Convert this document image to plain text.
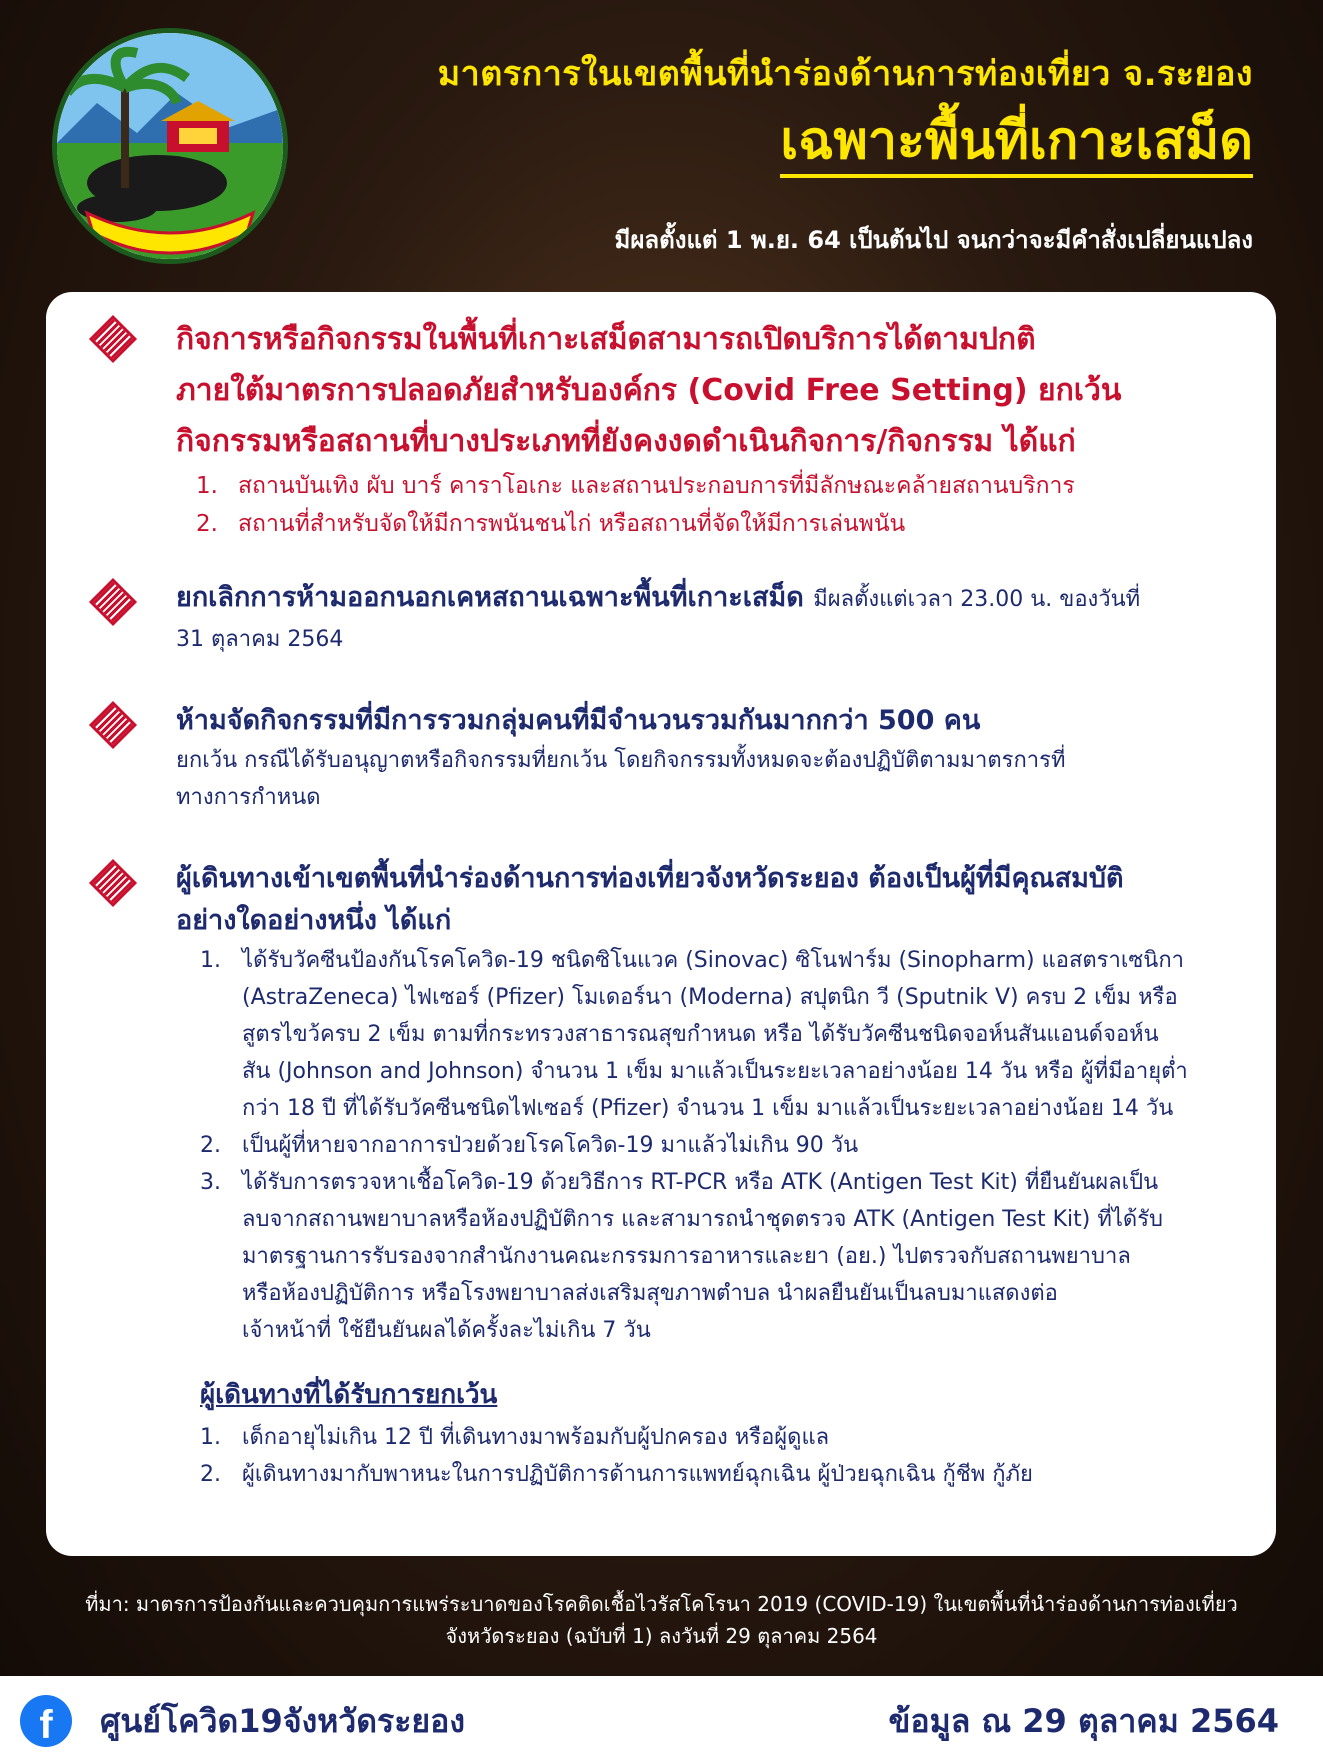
มาตรการในเขตพื้นที่นำร่องด้านการท่องเที่ยว จ.ระยอง
เฉพาะพื้นที่เกาะเสม็ด
มีผลตั้งแต่ 1 พ.ย. 64 เป็นต้นไป จนกว่าจะมีคำสั่งเปลี่ยนแปลง
กิจการหรือกิจกรรมในพื้นที่เกาะเสม็ดสามารถเปิดบริการได้ตามปกติ
ภายใต้มาตรการปลอดภัยสำหรับองค์กร (Covid Free Setting) ยกเว้น
กิจกรรมหรือสถานที่บางประเภทที่ยังคงงดดำเนินกิจการ/กิจกรรม ได้แก่
1. สถานบันเทิง ผับ บาร์ คาราโอเกะ และสถานประกอบการที่มีลักษณะคล้ายสถานบริการ
2. สถานที่สำหรับจัดให้มีการพนันชนไก่ หรือสถานที่จัดให้มีการเล่นพนัน
ยกเลิกการห้ามออกนอกเคหสถานเฉพาะพื้นที่เกาะเสม็ด มีผลตั้งแต่เวลา 23.00 น. ของวันที่
31 ตุลาคม 2564
ห้ามจัดกิจกรรมที่มีการรวมกลุ่มคนที่มีจำนวนรวมกันมากกว่า 500 คน
ยกเว้น กรณีได้รับอนุญาตหรือกิจกรรมที่ยกเว้น โดยกิจกรรมทั้งหมดจะต้องปฏิบัติตามมาตรการที่
ทางการกำหนด
ผู้เดินทางเข้าเขตพื้นที่นำร่องด้านการท่องเที่ยวจังหวัดระยอง ต้องเป็นผู้ที่มีคุณสมบัติ
อย่างใดอย่างหนึ่ง ได้แก่
1. ได้รับวัคซีนป้องกันโรคโควิด-19 ชนิดซิโนแวค (Sinovac) ซิโนฟาร์ม (Sinopharm) แอสตราเซนิกา
(AstraZeneca) ไฟเซอร์ (Pfizer) โมเดอร์นา (Moderna) สปุตนิก วี (Sputnik V) ครบ 2 เข็ม หรือ
สูตรไขว้ครบ 2 เข็ม ตามที่กระทรวงสาธารณสุขกำหนด หรือ ได้รับวัคซีนชนิดจอห์นสันแอนด์จอห์น
สัน (Johnson and Johnson) จำนวน 1 เข็ม มาแล้วเป็นระยะเวลาอย่างน้อย 14 วัน หรือ ผู้ที่มีอายุต่ำ
กว่า 18 ปี ที่ได้รับวัคซีนชนิดไฟเซอร์ (Pfizer) จำนวน 1 เข็ม มาแล้วเป็นระยะเวลาอย่างน้อย 14 วัน
2. เป็นผู้ที่หายจากอาการป่วยด้วยโรคโควิด-19 มาแล้วไม่เกิน 90 วัน
3. ได้รับการตรวจหาเชื้อโควิด-19 ด้วยวิธีการ RT-PCR หรือ ATK (Antigen Test Kit) ที่ยืนยันผลเป็น
ลบจากสถานพยาบาลหรือห้องปฏิบัติการ และสามารถนำชุดตรวจ ATK (Antigen Test Kit) ที่ได้รับ
มาตรฐานการรับรองจากสำนักงานคณะกรรมการอาหารและยา (อย.) ไปตรวจกับสถานพยาบาล
หรือห้องปฏิบัติการ หรือโรงพยาบาลส่งเสริมสุขภาพตำบล นำผลยืนยันเป็นลบมาแสดงต่อ
เจ้าหน้าที่ ใช้ยืนยันผลได้ครั้งละไม่เกิน 7 วัน
ผู้เดินทางที่ได้รับการยกเว้น
1. เด็กอายุไม่เกิน 12 ปี ที่เดินทางมาพร้อมกับผู้ปกครอง หรือผู้ดูแล
2. ผู้เดินทางมากับพาหนะในการปฏิบัติการด้านการแพทย์ฉุกเฉิน ผู้ป่วยฉุกเฉิน กู้ชีพ กู้ภัย
ที่มา: มาตรการป้องกันและควบคุมการแพร่ระบาดของโรคติดเชื้อไวรัสโคโรนา 2019 (COVID-19) ในเขตพื้นที่นำร่องด้านการท่องเที่ยว
จังหวัดระยอง (ฉบับที่ 1) ลงวันที่ 29 ตุลาคม 2564
f	ศูนย์โควิด19จังหวัดระยอง	ข้อมูล ณ 29 ตุลาคม 2564
